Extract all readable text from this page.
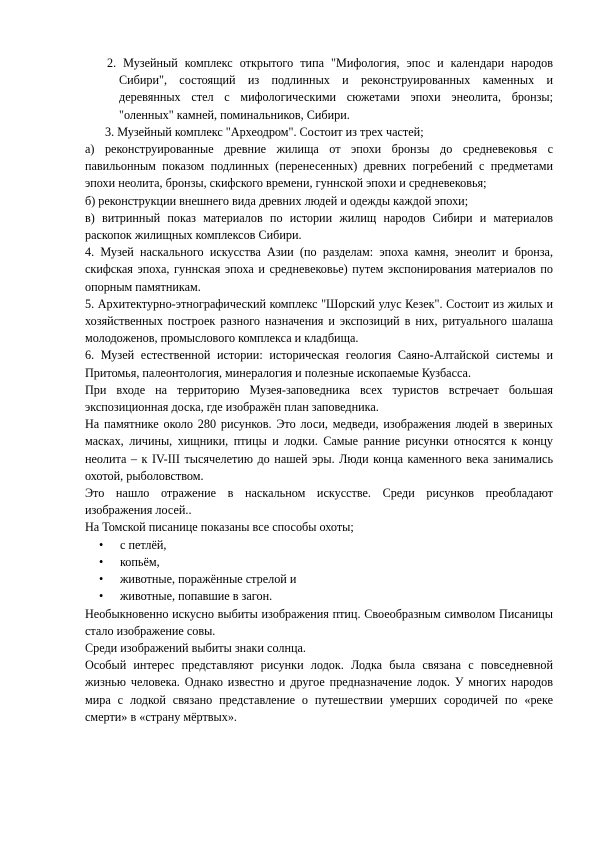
2. Музейный комплекс открытого типа "Мифология, эпос и календари народов Сибири", состоящий из подлинных и реконструированных каменных и деревянных стел с мифологическими сюжетами эпохи энеолита, бронзы; "оленных" камней, поминальников, Сибири.

3. Музейный комплекс "Археодром". Состоит из трех частей;

а) реконструированные древние жилища от эпохи бронзы до средневековья с павильонным показом подлинных (перенесенных) древних погребений с предметами эпохи неолита, бронзы, скифского времени, гуннской эпохи и средневековья;

б) реконструкции внешнего вида древних людей и одежды каждой эпохи;

в) витринный показ материалов по истории жилищ народов Сибири и материалов раскопок жилищных комплексов Сибири.

4. Музей наскального искусства Азии (по разделам: эпоха камня, энеолит и бронза, скифская эпоха, гуннская эпоха и средневековье) путем экспонирования материалов по опорным памятникам.

5. Архитектурно-этнографический комплекс "Шорский улус Кезек". Состоит из жилых и хозяйственных построек разного назначения и экспозиций в них, ритуального шалаша молодоженов, промыслового комплекса и кладбища.

6. Музей естественной истории: историческая геология Саяно-Алтайской системы и Притомья, палеонтология, минералогия и полезные ископаемые Кузбасса.

При входе на территорию Музея-заповедника всех туристов встречает большая экспозиционная доска, где изображён план заповедника.

На памятнике около 280 рисунков. Это лоси, медведи, изображения людей в звериных масках, личины, хищники, птицы и лодки. Самые ранние рисунки относятся к концу неолита – к IV-III тысячелетию до нашей эры. Люди конца каменного века занимались охотой, рыболовством.

Это нашло отражение в наскальном искусстве. Среди рисунков преобладают изображения лосей..

На Томской писанице показаны все способы охоты;

• с петлёй,
• копьём,
• животные, поражённые стрелой и
• животные, попавшие в загон.

Необыкновенно искусно выбиты изображения птиц. Своеобразным символом Писаницы стало изображение совы.

Среди изображений выбиты знаки солнца.

Особый интерес представляют рисунки лодок. Лодка была связана с повседневной жизнью человека. Однако известно и другое предназначение лодок. У многих народов мира с лодкой связано представление о путешествии умерших сородичей по «реке смерти» в «страну мёртвых».
